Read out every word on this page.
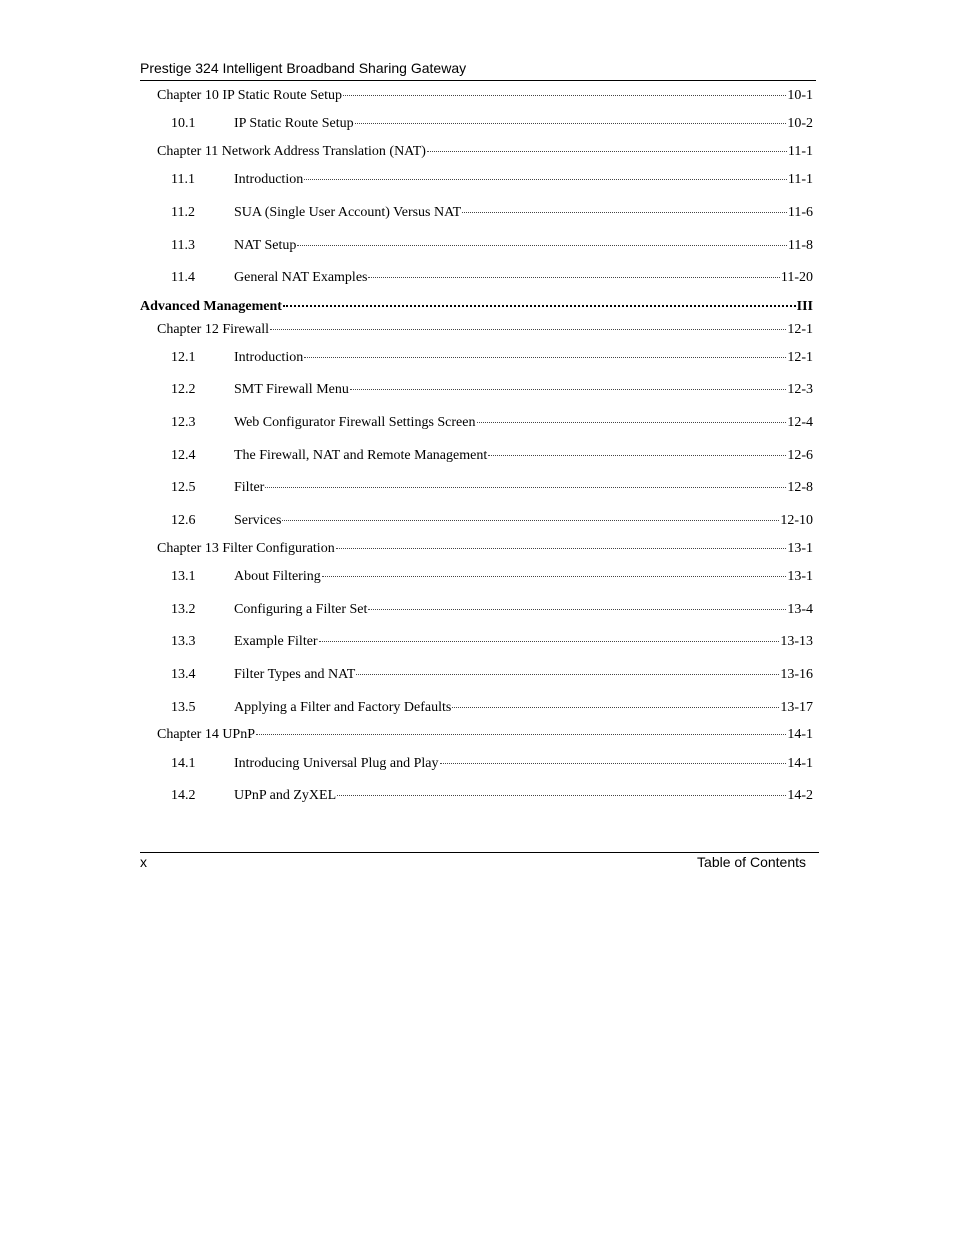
Prestige 324 Intelligent Broadband Sharing Gateway
Chapter 10 IP Static Route Setup	10-1
10.1	IP Static Route Setup	10-2
Chapter 11 Network Address Translation (NAT)	11-1
11.1	Introduction	11-1
11.2	SUA (Single User Account) Versus NAT	11-6
11.3	NAT Setup	11-8
11.4	General NAT Examples	11-20
Advanced Management	III
Chapter 12 Firewall	12-1
12.1	Introduction	12-1
12.2	SMT Firewall Menu	12-3
12.3	Web Configurator Firewall Settings Screen	12-4
12.4	The Firewall, NAT and Remote Management	12-6
12.5	Filter	12-8
12.6	Services	12-10
Chapter 13 Filter Configuration	13-1
13.1	About Filtering	13-1
13.2	Configuring a Filter Set	13-4
13.3	Example Filter	13-13
13.4	Filter Types and NAT	13-16
13.5	Applying a Filter and Factory Defaults	13-17
Chapter 14 UPnP	14-1
14.1	Introducing Universal Plug and Play	14-1
14.2	UPnP and ZyXEL	14-2
x	Table of Contents
